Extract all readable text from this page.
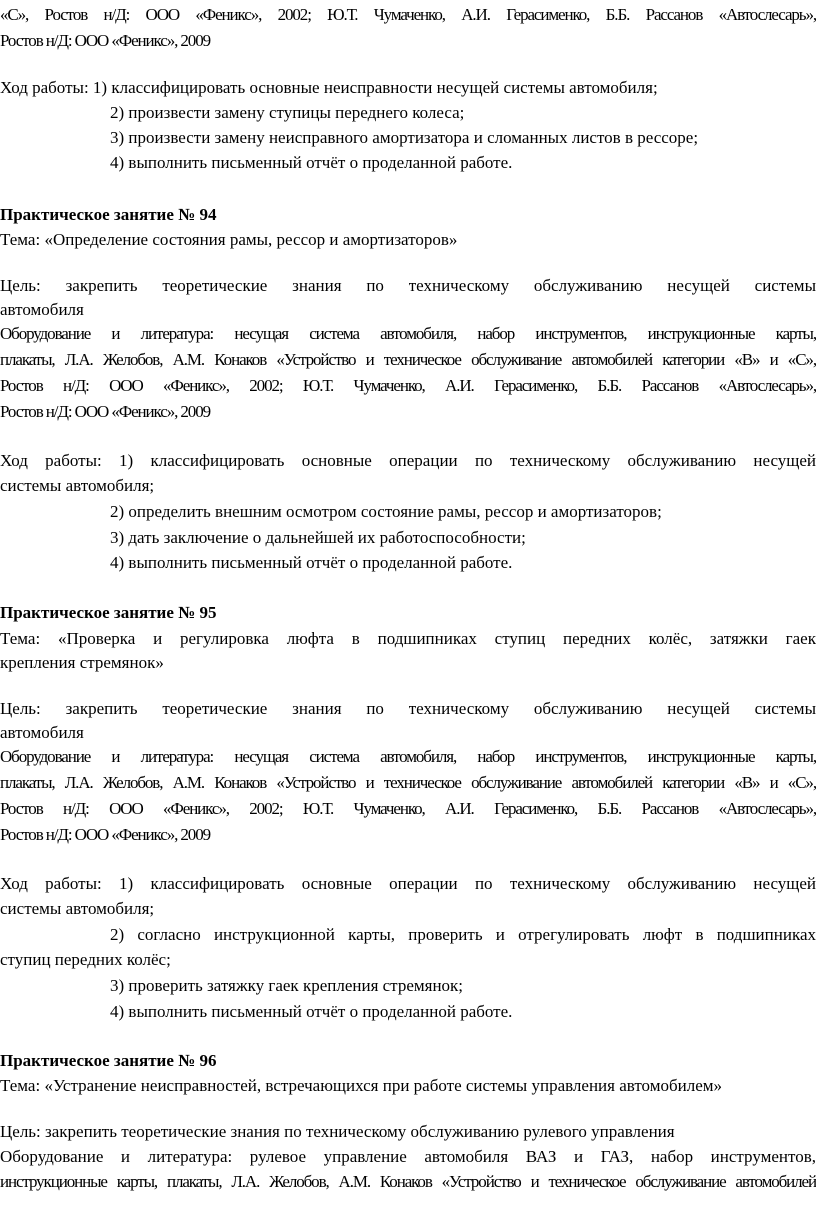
«С», Ростов н/Д: ООО «Феникс», 2002; Ю.Т. Чумаченко, А.И. Герасименко, Б.Б. Рассанов «Автослесарь»,
Ростов н/Д: ООО «Феникс», 2009
Ход работы: 1) классифицировать основные неисправности несущей системы автомобиля;
2) произвести замену ступицы переднего колеса;
3) произвести замену неисправного амортизатора и сломанных листов в рессоре;
4) выполнить письменный отчёт о проделанной работе.
Практическое занятие № 94
Тема: «Определение состояния рамы, рессор и амортизаторов»
Цель: закрепить теоретические знания по техническому обслуживанию несущей системы
автомобиля
Оборудование и литература: несущая система автомобиля, набор инструментов, инструкционные карты,
плакаты, Л.А. Желобов, А.М. Конаков «Устройство и техническое обслуживание автомобилей категории «В» и «С»,
Ростов н/Д: ООО «Феникс», 2002; Ю.Т. Чумаченко, А.И. Герасименко, Б.Б. Рассанов «Автослесарь»,
Ростов н/Д: ООО «Феникс», 2009
Ход работы: 1) классифицировать основные операции по техническому обслуживанию несущей
системы автомобиля;
2) определить внешним осмотром состояние рамы, рессор и амортизаторов;
3) дать заключение о дальнейшей их работоспособности;
4) выполнить письменный отчёт о проделанной работе.
Практическое занятие № 95
Тема: «Проверка и регулировка люфта в подшипниках ступиц передних колёс, затяжки гаек
крепления стремянок»
Цель: закрепить теоретические знания по техническому обслуживанию несущей системы
автомобиля
Оборудование и литература: несущая система автомобиля, набор инструментов, инструкционные карты,
плакаты, Л.А. Желобов, А.М. Конаков «Устройство и техническое обслуживание автомобилей категории «В» и «С»,
Ростов н/Д: ООО «Феникс», 2002; Ю.Т. Чумаченко, А.И. Герасименко, Б.Б. Рассанов «Автослесарь»,
Ростов н/Д: ООО «Феникс», 2009
Ход работы: 1) классифицировать основные операции по техническому обслуживанию несущей
системы автомобиля;
2) согласно инструкционной карты, проверить и отрегулировать люфт в подшипниках
ступиц передних колёс;
3) проверить затяжку гаек крепления стремянок;
4) выполнить письменный отчёт о проделанной работе.
Практическое занятие № 96
Тема: «Устранение неисправностей, встречающихся при работе системы управления автомобилем»
Цель: закрепить теоретические знания по техническому обслуживанию рулевого управления
Оборудование и литература: рулевое управление автомобиля ВАЗ и ГАЗ, набор инструментов,
инструкционные карты, плакаты, Л.А. Желобов, А.М. Конаков «Устройство и техническое обслуживание автомобилей
